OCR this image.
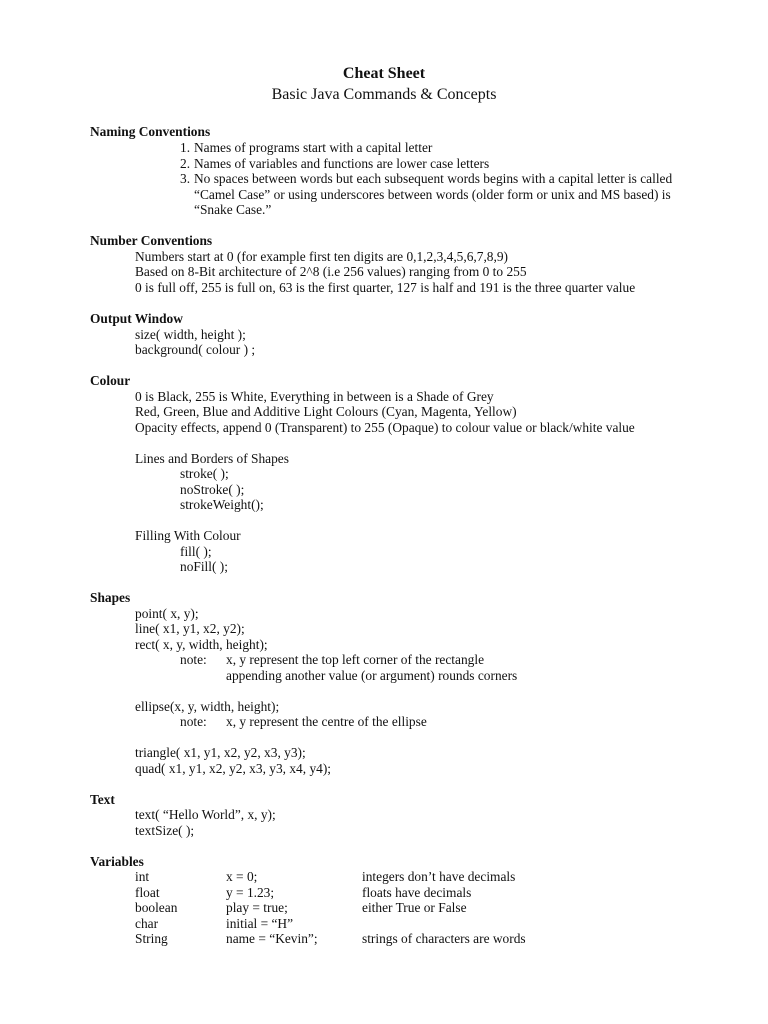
Cheat Sheet
Basic Java Commands & Concepts
Naming Conventions
1. Names of programs start with a capital letter
2. Names of variables and functions are lower case letters
3. No spaces between words but each subsequent words begins with a capital letter is called “Camel Case” or using underscores between words (older form or unix and MS based) is “Snake Case.”
Number Conventions
Numbers start at 0 (for example first ten digits are 0,1,2,3,4,5,6,7,8,9)
Based on 8-Bit architecture of 2^8 (i.e 256 values) ranging from 0 to 255
0 is full off, 255 is full on, 63 is the first quarter, 127 is half and 191 is the three quarter value
Output Window
size( width, height );
background( colour ) ;
Colour
0 is Black, 255 is White, Everything in between is a Shade of Grey
Red, Green, Blue and Additive Light Colours (Cyan, Magenta, Yellow)
Opacity effects, append 0 (Transparent) to 255 (Opaque) to colour value or black/white value
Lines and Borders of Shapes
stroke( );
noStroke( );
strokeWeight();
Filling With Colour
fill( );
noFill( );
Shapes
point( x, y);
line( x1, y1, x2, y2);
rect( x, y, width, height);
note: x, y represent the top left corner of the rectangle
appending another value (or argument) rounds corners
ellipse(x, y, width, height);
note: x, y represent the centre of the ellipse
triangle( x1, y1, x2, y2, x3, y3);
quad( x1, y1, x2, y2, x3, y3, x4, y4);
Text
text( “Hello World”, x, y);
textSize( );
Variables
int	x = 0;	integers don’t have decimals
float	y = 1.23;	floats have decimals
boolean	play = true;	either True or False
char	initial = “H”
String	name = “Kevin”;	strings of characters are words
